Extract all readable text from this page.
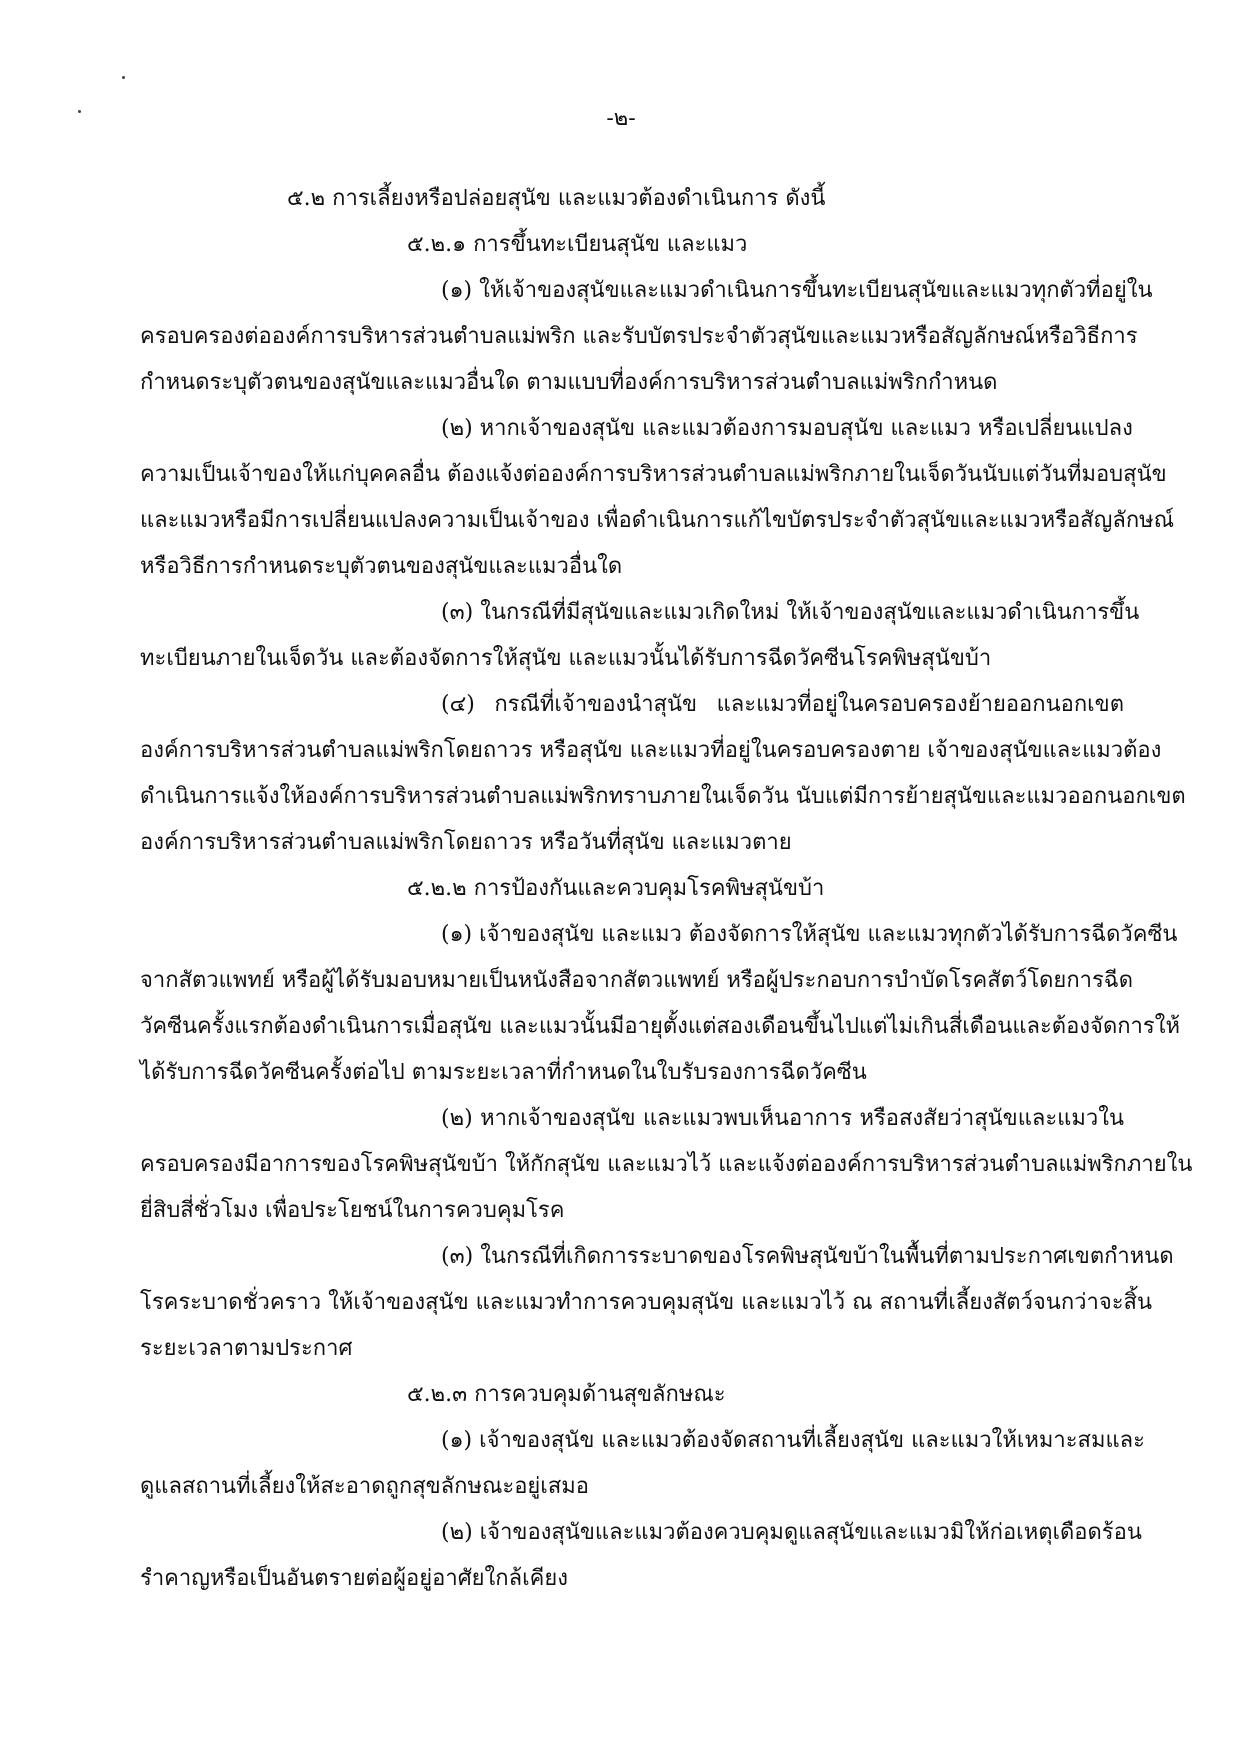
-๒-
๕.๒ การเลี้ยงหรือปล่อยสุนัข และแมวต้องดำเนินการ ดังนี้
๕.๒.๑ การขึ้นทะเบียนสุนัข และแมว
(๑) ให้เจ้าของสุนัขและแมวดำเนินการขึ้นทะเบียนสุนัขและแมวทุกตัวที่อยู่ใน
ครอบครองต่อองค์การบริหารส่วนตำบลแม่พริก และรับบัตรประจำตัวสุนัขและแมวหรือสัญลักษณ์หรือวิธีการ
กำหนดระบุตัวตนของสุนัขและแมวอื่นใด ตามแบบที่องค์การบริหารส่วนตำบลแม่พริกกำหนด
(๒) หากเจ้าของสุนัข และแมวต้องการมอบสุนัข และแมว หรือเปลี่ยนแปลง
ความเป็นเจ้าของให้แก่บุคคลอื่น ต้องแจ้งต่อองค์การบริหารส่วนตำบลแม่พริกภายในเจ็ดวันนับแต่วันที่มอบสุนัข
และแมวหรือมีการเปลี่ยนแปลงความเป็นเจ้าของ เพื่อดำเนินการแก้ไขบัตรประจำตัวสุนัขและแมวหรือสัญลักษณ์
หรือวิธีการกำหนดระบุตัวตนของสุนัขและแมวอื่นใด
(๓) ในกรณีที่มีสุนัขและแมวเกิดใหม่ ให้เจ้าของสุนัขและแมวดำเนินการขึ้น
ทะเบียนภายในเจ็ดวัน และต้องจัดการให้สุนัข และแมวนั้นได้รับการฉีดวัคซีนโรคพิษสุนัขบ้า
(๔) กรณีที่เจ้าของนำสุนัข และแมวที่อยู่ในครอบครองย้ายออกนอกเขต
องค์การบริหารส่วนตำบลแม่พริกโดยถาวร หรือสุนัข และแมวที่อยู่ในครอบครองตาย เจ้าของสุนัขและแมวต้อง
ดำเนินการแจ้งให้องค์การบริหารส่วนตำบลแม่พริกทราบภายในเจ็ดวัน นับแต่มีการย้ายสุนัขและแมวออกนอกเขต
องค์การบริหารส่วนตำบลแม่พริกโดยถาวร หรือวันที่สุนัข และแมวตาย
๕.๒.๒ การป้องกันและควบคุมโรคพิษสุนัขบ้า
(๑) เจ้าของสุนัข และแมว ต้องจัดการให้สุนัข และแมวทุกตัวได้รับการฉีดวัคซีน
จากสัตวแพทย์ หรือผู้ได้รับมอบหมายเป็นหนังสือจากสัตวแพทย์ หรือผู้ประกอบการบำบัดโรคสัตว์โดยการฉีด
วัคซีนครั้งแรกต้องดำเนินการเมื่อสุนัข และแมวนั้นมีอายุตั้งแต่สองเดือนขึ้นไปแต่ไม่เกินสี่เดือนและต้องจัดการให้
ได้รับการฉีดวัคซีนครั้งต่อไป ตามระยะเวลาที่กำหนดในใบรับรองการฉีดวัคซีน
(๒) หากเจ้าของสุนัข และแมวพบเห็นอาการ หรือสงสัยว่าสุนัขและแมวใน
ครอบครองมีอาการของโรคพิษสุนัขบ้า ให้กักสุนัข และแมวไว้ และแจ้งต่อองค์การบริหารส่วนตำบลแม่พริกภายใน
ยี่สิบสี่ชั่วโมง เพื่อประโยชน์ในการควบคุมโรค
(๓) ในกรณีที่เกิดการระบาดของโรคพิษสุนัขบ้าในพื้นที่ตามประกาศเขตกำหนด
โรคระบาดชั่วคราว ให้เจ้าของสุนัข และแมวทำการควบคุมสุนัข และแมวไว้ ณ สถานที่เลี้ยงสัตว์จนกว่าจะสิ้น
ระยะเวลาตามประกาศ
๕.๒.๓ การควบคุมด้านสุขลักษณะ
(๑) เจ้าของสุนัข และแมวต้องจัดสถานที่เลี้ยงสุนัข และแมวให้เหมาะสมและ
ดูแลสถานที่เลี้ยงให้สะอาดถูกสุขลักษณะอยู่เสมอ
(๒) เจ้าของสุนัขและแมวต้องควบคุมดูแลสุนัขและแมวมิให้ก่อเหตุเดือดร้อน
รำคาญหรือเป็นอันตรายต่อผู้อยู่อาศัยใกล้เคียง
